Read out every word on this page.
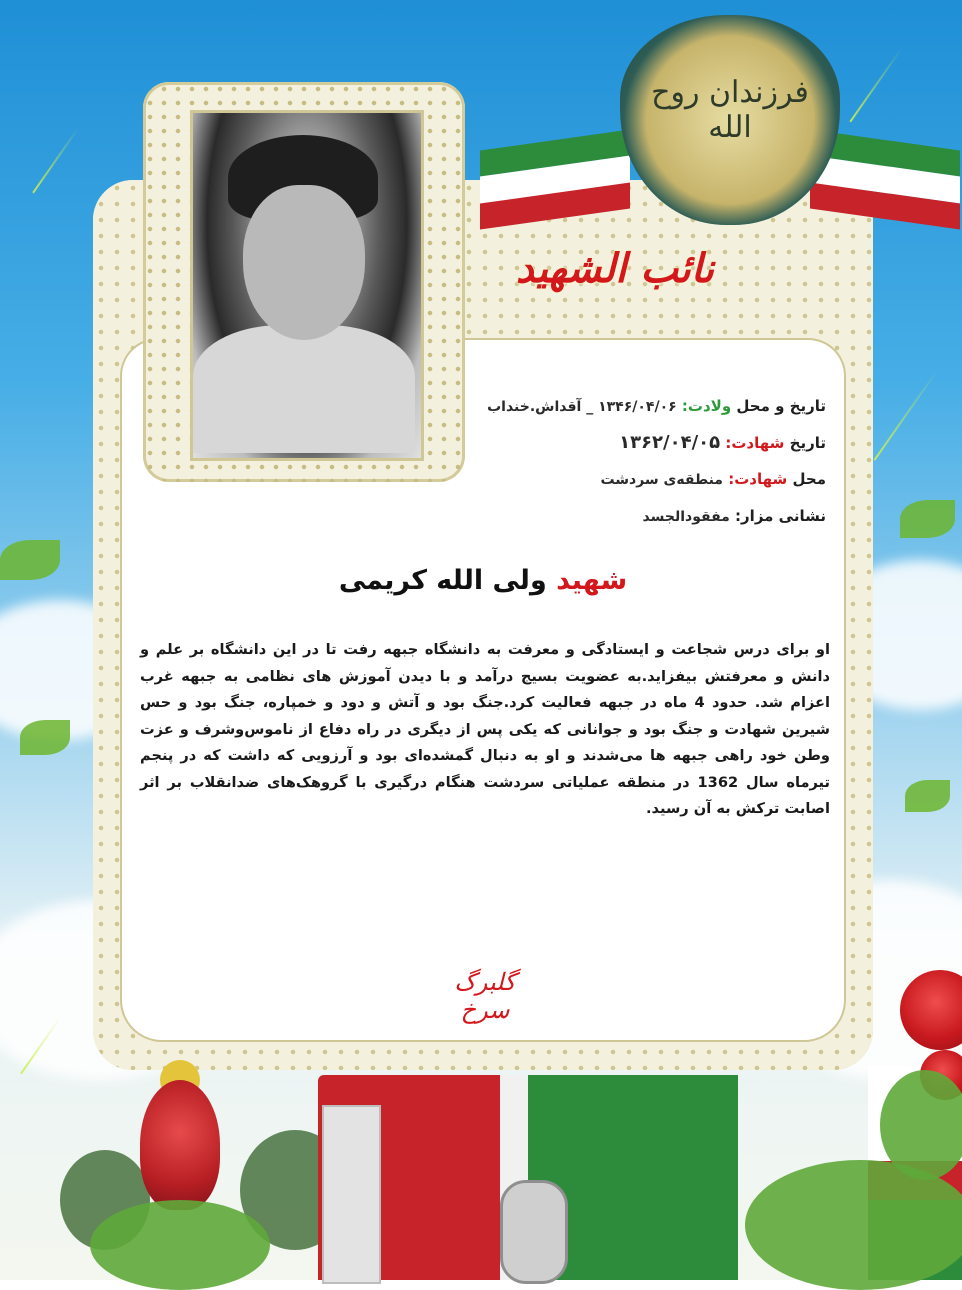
فرزندان روح الله
نائب الشهید
تاریخ و محل ولادت: ۱۳۴۶/۰۴/۰۶ _ آقداش.خنداب
تاریخ شهادت: ۱۳۶۲/۰۴/۰۵
محل شهادت: منطقه‌ی سردشت
نشانی مزار: مفقودالجسد
شهید ولی الله کریمی
او برای درس شجاعت و ایستادگی و معرفت به دانشگاه جبهه رفت تا در این دانشگاه بر علم و دانش و معرفتش بیفزاید.به عضویت بسیج درآمد و با دیدن آموزش های نظامی به جبهه غرب اعزام شد. حدود 4 ماه در جبهه فعالیت کرد.جنگ بود و آتش و دود و خمپاره، جنگ بود و حس شیرین شهادت و جنگ بود و جوانانی که یکی پس از دیگری در راه دفاع از ناموس‌وشرف و عزت وطن خود راهی جبهه ها می‌شدند و او به دنبال گمشده‌ای بود و آرزویی که داشت که در پنجم تیرماه سال 1362 در منطقه عملیاتی سردشت هنگام درگیری با گروهک‌های ضدانقلاب بر اثر اصابت ترکش به آن رسید.
گلبرگ سرخ
